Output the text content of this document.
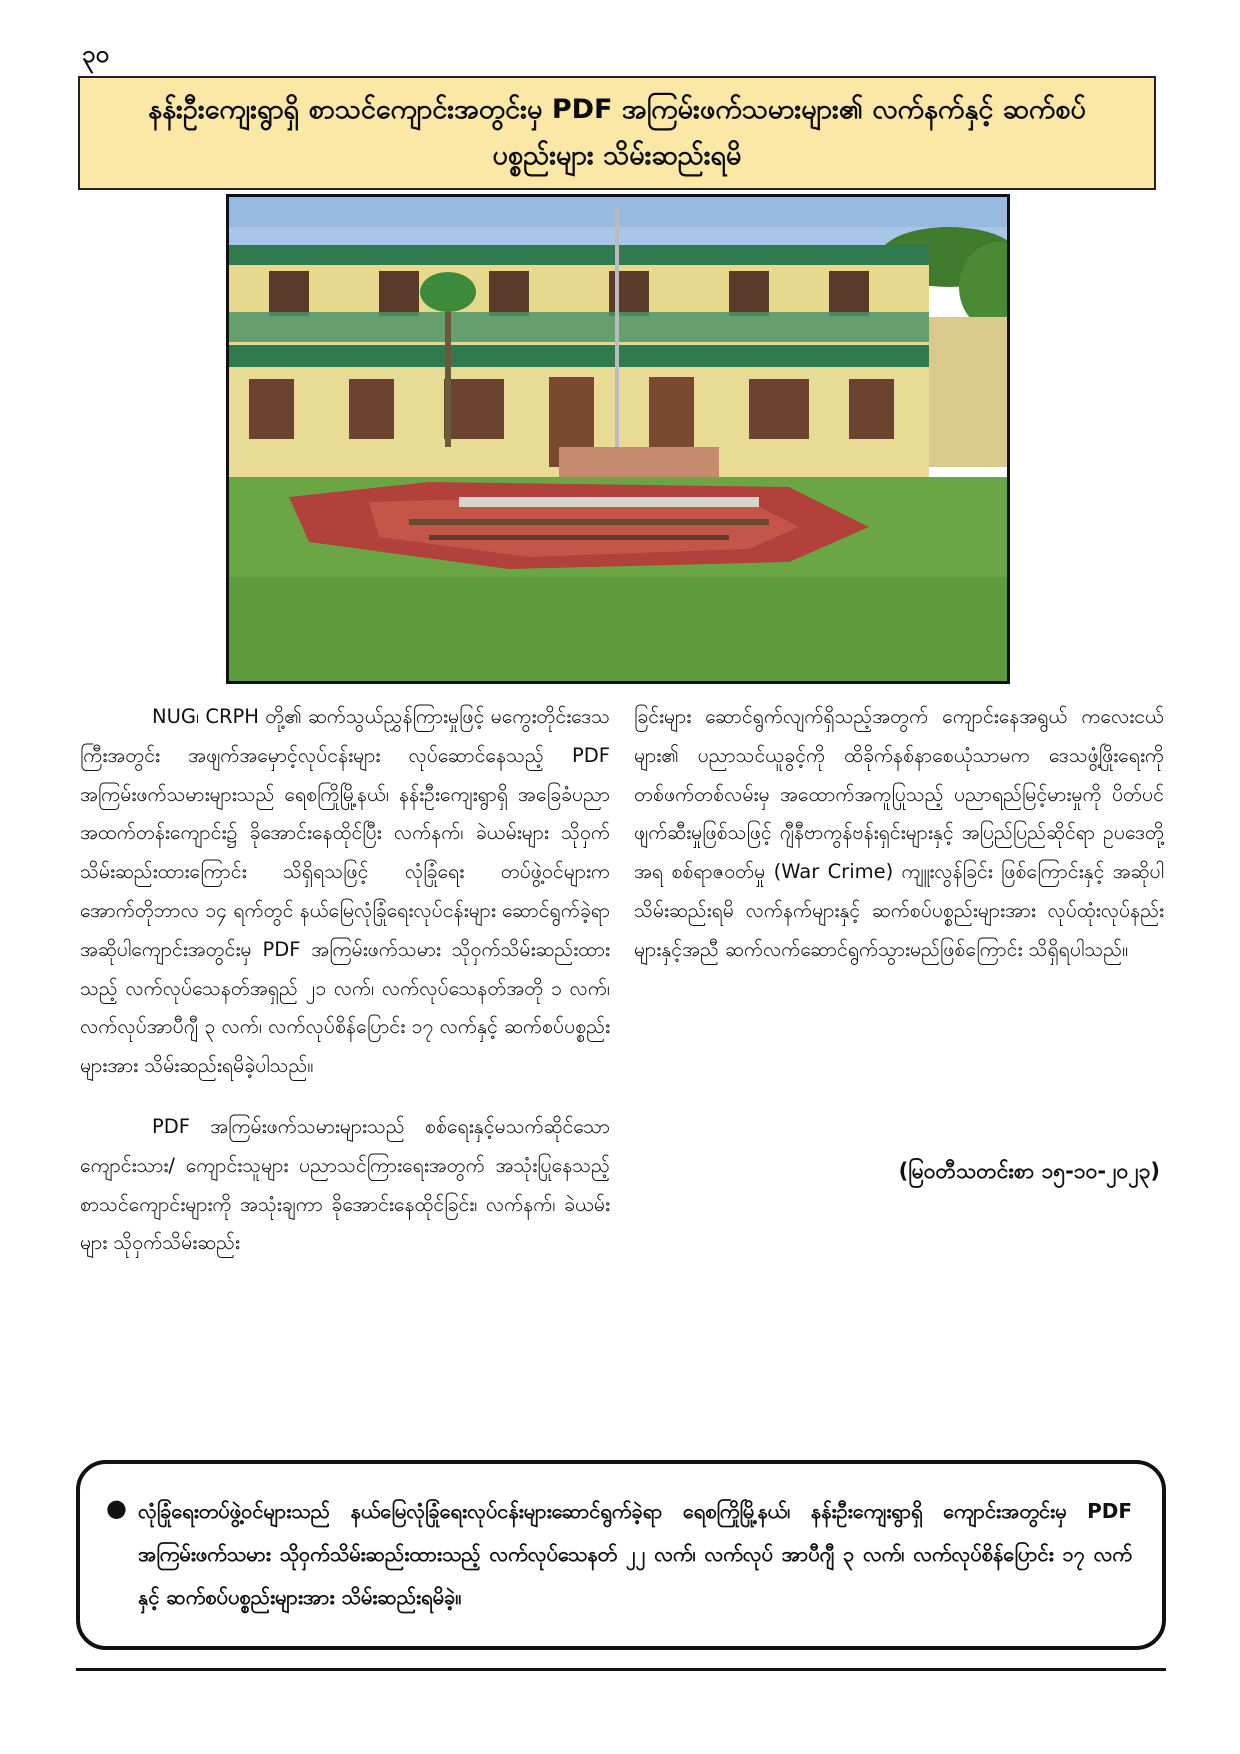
၃၀
နန်းဦးကျေးရွာရှိ စာသင်ကျောင်းအတွင်းမှ PDF အကြမ်းဖက်သမားများ၏ လက်နက်နှင့် ဆက်စပ်ပစ္စည်းများ သိမ်းဆည်းရမိ

NUG၊ CRPH တို့၏ ဆက်သွယ်ညွှန်ကြားမှုဖြင့် မကွေးတိုင်းဒေသကြီးအတွင်း အဖျက်အမှောင့်လုပ်ငန်းများ လုပ်ဆောင်နေသည့် PDF အကြမ်းဖက်သမားများသည် ရေစကြိုမြို့နယ်၊ နန်းဦးကျေးရွာရှိ အခြေခံပညာအထက်တန်းကျောင်း၌ ခိုအောင်းနေထိုင်ပြီး လက်နက်၊ ခဲယမ်းများ သိုဝှက်သိမ်းဆည်းထားကြောင်း သိရှိရသဖြင့် လုံခြုံရေး တပ်ဖွဲ့ဝင်များက အောက်တိုဘာလ ၁၄ ရက်တွင် နယ်မြေလုံခြုံရေးလုပ်ငန်းများ ဆောင်ရွက်ခဲ့ရာ အဆိုပါကျောင်းအတွင်းမှ PDF အကြမ်းဖက်သမား သိုဝှက်သိမ်းဆည်းထားသည့် လက်လုပ်သေနတ်အရှည် ၂၁ လက်၊ လက်လုပ်သေနတ်အတို ၁ လက်၊ လက်လုပ်အာပီဂျီ ၃ လက်၊ လက်လုပ်စိန်ပြောင်း ၁၇ လက်နှင့် ဆက်စပ်ပစ္စည်းများအား သိမ်းဆည်းရမိခဲ့ပါသည်။

PDF အကြမ်းဖက်သမားများသည် စစ်ရေးနှင့်မသက်ဆိုင်သော ကျောင်းသား/ ကျောင်းသူများ ပညာသင်ကြားရေးအတွက် အသုံးပြုနေသည့် စာသင်ကျောင်းများကို အသုံးချကာ ခိုအောင်းနေထိုင်ခြင်း၊ လက်နက်၊ ခဲယမ်းများ သိုဝှက်သိမ်းဆည်း

ခြင်းများ ဆောင်ရွက်လျက်ရှိသည့်အတွက် ကျောင်းနေအရွယ် ကလေးငယ်များ၏ ပညာသင်ယူခွင့်ကို ထိခိုက်နစ်နာစေယုံသာမက ဒေသဖွံ့ဖြိုးရေးကို တစ်ဖက်တစ်လမ်းမှ အထောက်အကူပြုသည့် ပညာရည်မြင့်မားမှုကို ပိတ်ပင်ဖျက်ဆီးမှုဖြစ်သဖြင့် ဂျီနီဗာကွန်ဗန်းရှင်းများနှင့် အပြည်ပြည်ဆိုင်ရာ ဥပဒေတို့အရ စစ်ရာဇဝတ်မှု (War Crime) ကျူးလွန်ခြင်း ဖြစ်ကြောင်းနှင့် အဆိုပါသိမ်းဆည်းရမိ လက်နက်များနှင့် ဆက်စပ်ပစ္စည်းများအား လုပ်ထုံးလုပ်နည်းများနှင့်အညီ ဆက်လက်ဆောင်ရွက်သွားမည်ဖြစ်ကြောင်း သိရှိရပါသည်။

(မြဝတီသတင်းစာ ၁၅-၁၀-၂၀၂၃)
● လုံခြုံရေးတပ်ဖွဲ့ဝင်များသည် နယ်မြေလုံခြုံရေးလုပ်ငန်းများဆောင်ရွက်ခဲ့ရာ ရေစကြိုမြို့နယ်၊ နန်းဦးကျေးရွာရှိ ကျောင်းအတွင်းမှ PDF အကြမ်းဖက်သမား သိုဝှက်သိမ်းဆည်းထားသည့် လက်လုပ်သေနတ် ၂၂ လက်၊ လက်လုပ် အာပီဂျီ ၃ လက်၊ လက်လုပ်စိန်ပြောင်း ၁၇ လက်နှင့် ဆက်စပ်ပစ္စည်းများအား သိမ်းဆည်းရမိခဲ့။
